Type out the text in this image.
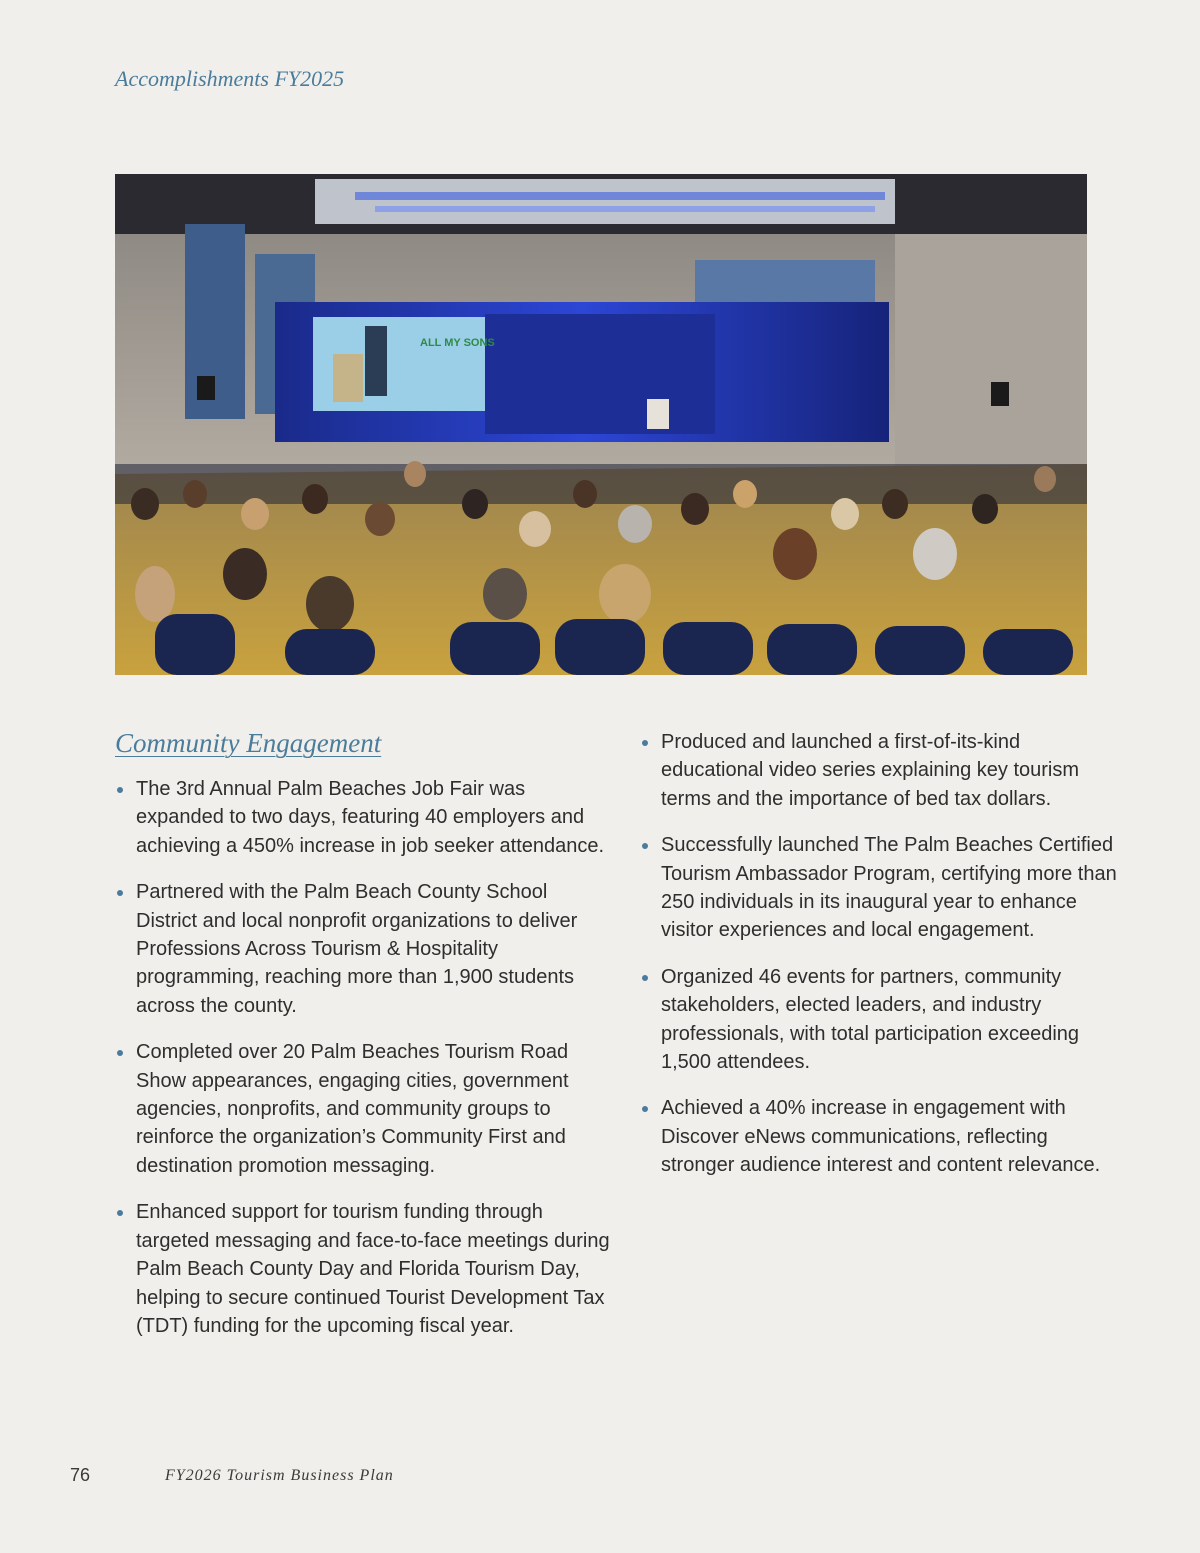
Accomplishments FY2025
ALL MY SONS
Community Engagement
The 3rd Annual Palm Beaches Job Fair was expanded to two days, featuring 40 employers and achieving a 450% increase in job seeker attendance.
Partnered with the Palm Beach County School District and local nonprofit organizations to deliver Professions Across Tourism & Hospitality programming, reaching more than 1,900 students across the county.
Completed over 20 Palm Beaches Tourism Road Show appearances, engaging cities, government agencies, nonprofits, and community groups to reinforce the organization’s Community First and destination promotion messaging.
Enhanced support for tourism funding through targeted messaging and face-to-face meetings during Palm Beach County Day and Florida Tourism Day, helping to secure continued Tourist Development Tax (TDT) funding for the upcoming fiscal year.
Produced and launched a first-of-its-kind educational video series explaining key tourism terms and the importance of bed tax dollars.
Successfully launched The Palm Beaches Certified Tourism Ambassador Program, certifying more than 250 individuals in its inaugural year to enhance visitor experiences and local engagement.
Organized 46 events for partners, community stakeholders, elected leaders, and industry professionals, with total participation exceeding 1,500 attendees.
Achieved a 40% increase in engagement with Discover eNews communications, reflecting stronger audience interest and content relevance.
76	FY2026 Tourism Business Plan
